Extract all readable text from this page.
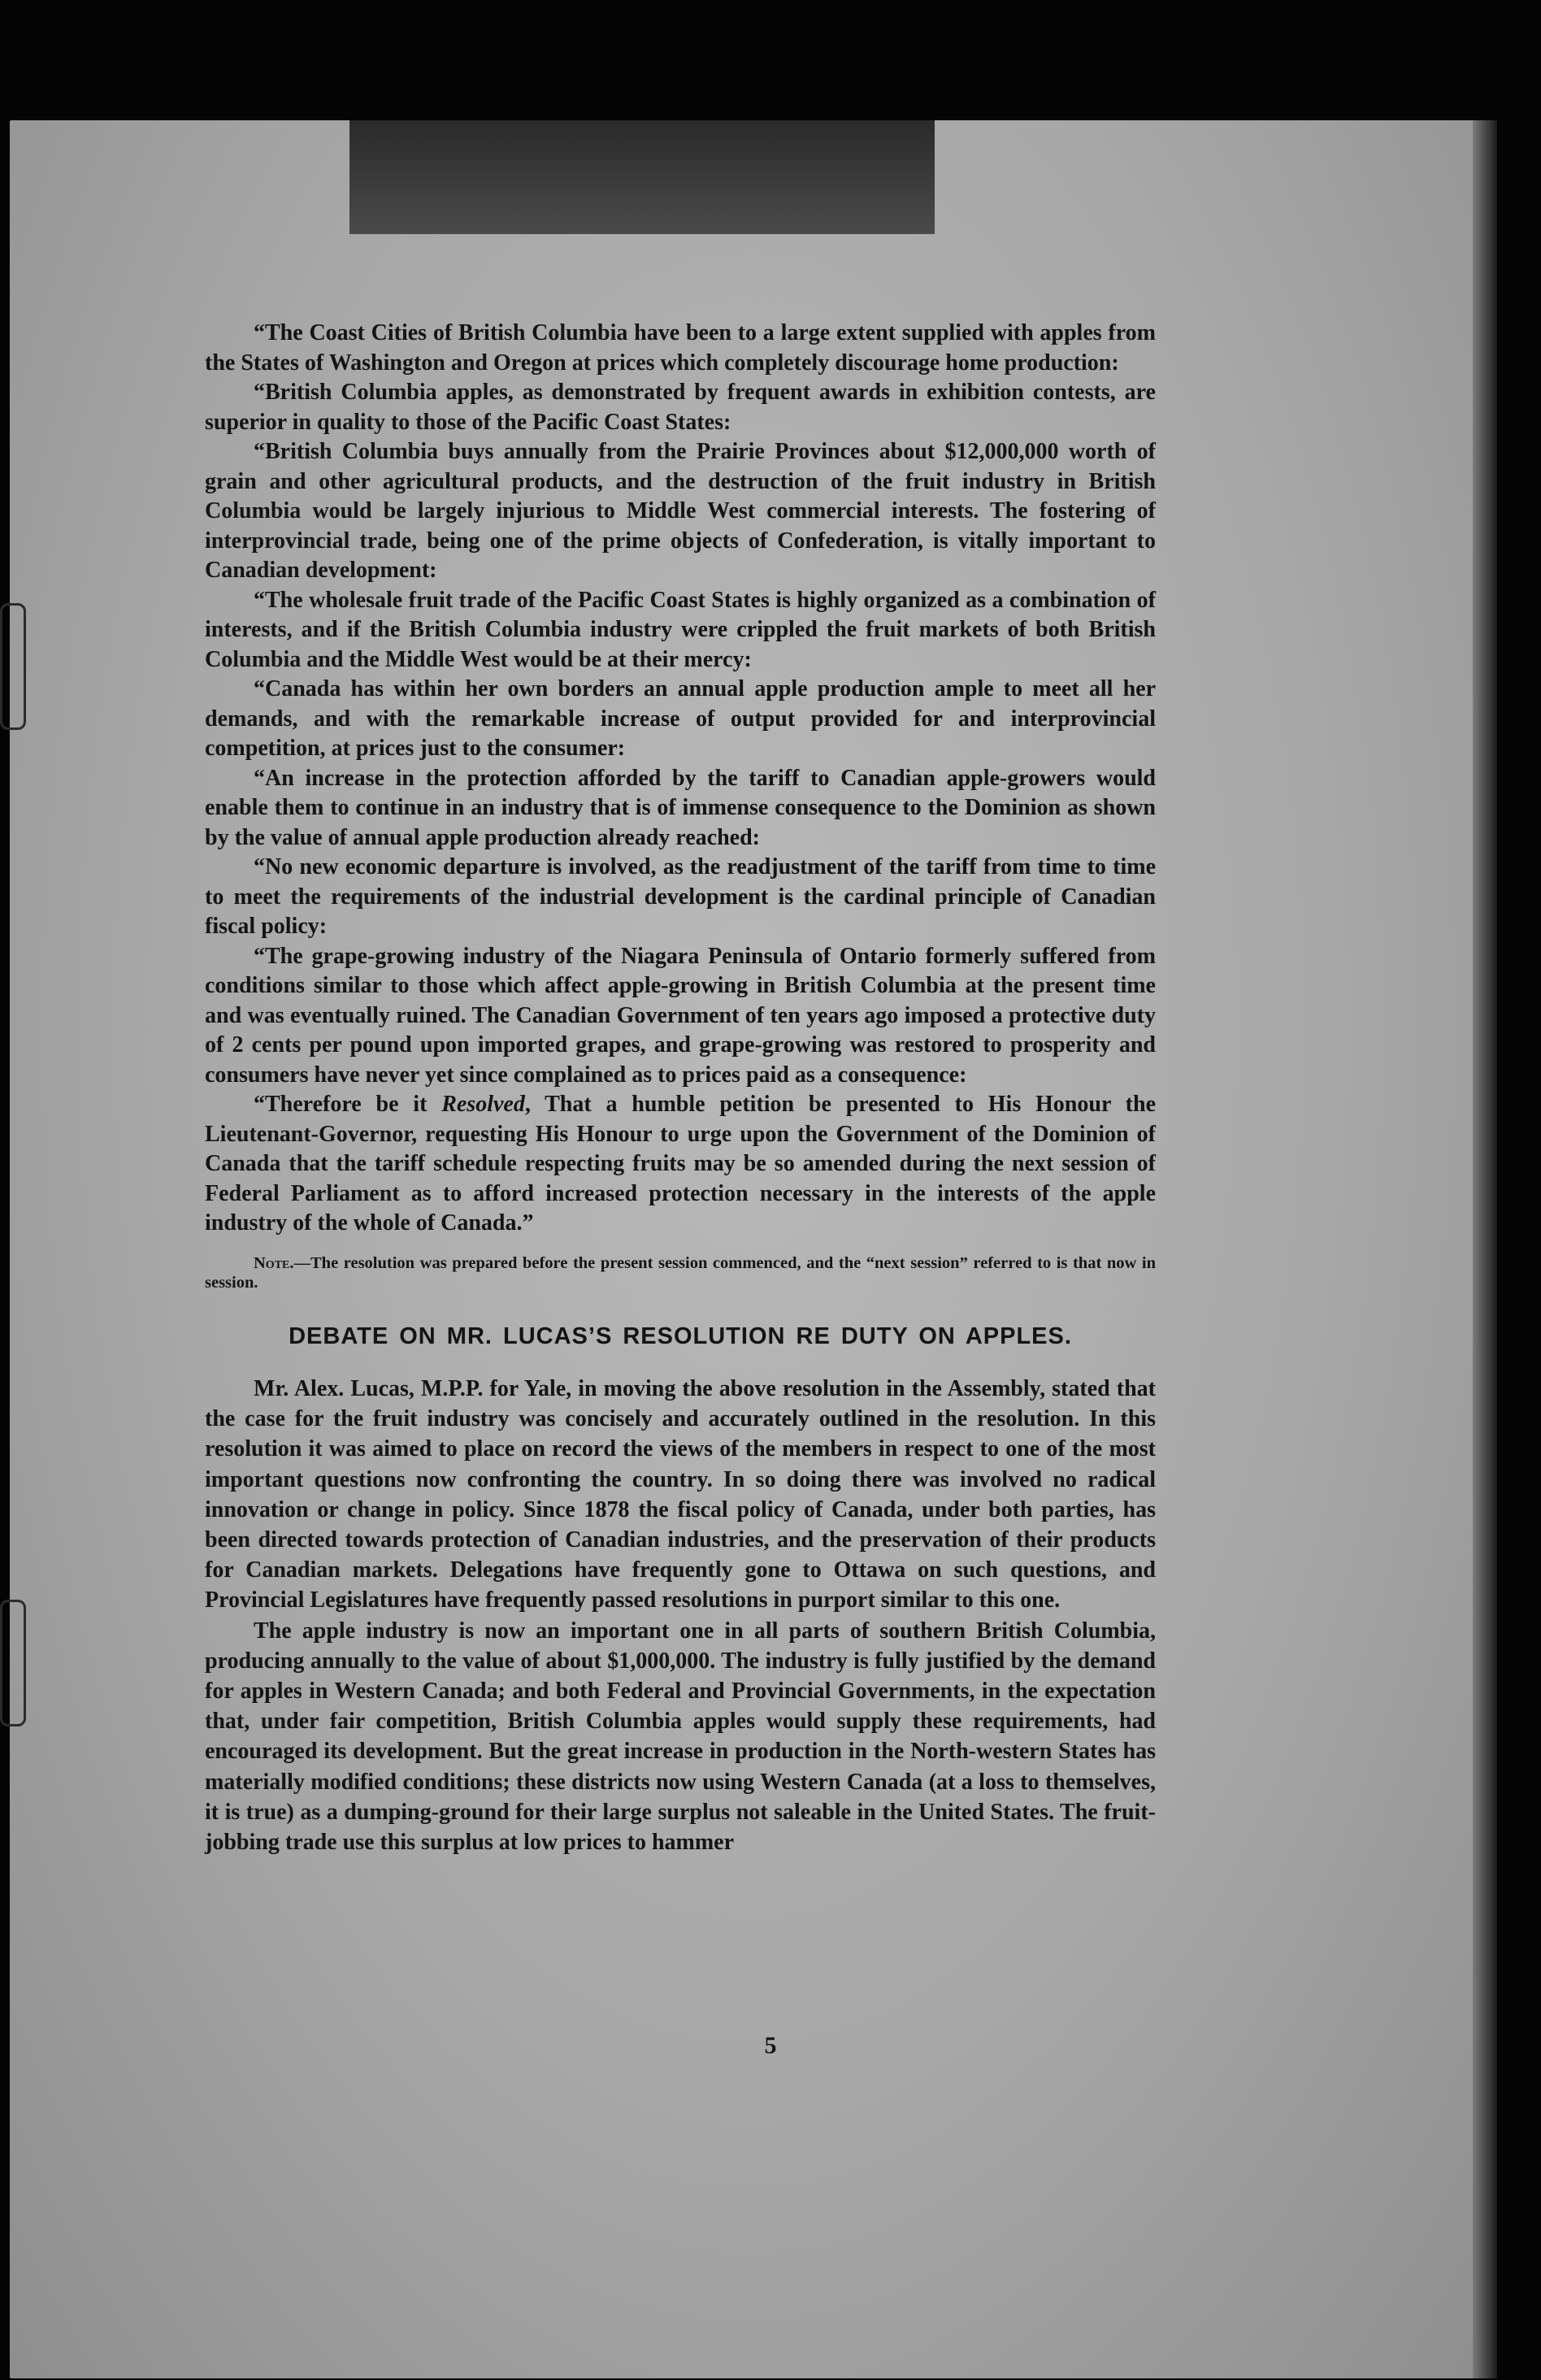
“The Coast Cities of British Columbia have been to a large extent supplied with apples from the States of Washington and Oregon at prices which completely discourage home production:

“British Columbia apples, as demonstrated by frequent awards in exhibition contests, are superior in quality to those of the Pacific Coast States:

“British Columbia buys annually from the Prairie Provinces about $12,000,000 worth of grain and other agricultural products, and the destruction of the fruit industry in British Columbia would be largely injurious to Middle West commercial interests. The fostering of interprovincial trade, being one of the prime objects of Confederation, is vitally important to Canadian development:

“The wholesale fruit trade of the Pacific Coast States is highly organized as a combination of interests, and if the British Columbia industry were crippled the fruit markets of both British Columbia and the Middle West would be at their mercy:

“Canada has within her own borders an annual apple production ample to meet all her demands, and with the remarkable increase of output provided for and interprovincial competition, at prices just to the consumer:

“An increase in the protection afforded by the tariff to Canadian apple-growers would enable them to continue in an industry that is of immense consequence to the Dominion as shown by the value of annual apple production already reached:

“No new economic departure is involved, as the readjustment of the tariff from time to time to meet the requirements of the industrial development is the cardinal principle of Canadian fiscal policy:

“The grape-growing industry of the Niagara Peninsula of Ontario formerly suffered from conditions similar to those which affect apple-growing in British Columbia at the present time and was eventually ruined. The Canadian Government of ten years ago imposed a protective duty of 2 cents per pound upon imported grapes, and grape-growing was restored to prosperity and consumers have never yet since complained as to prices paid as a consequence:

“Therefore be it Resolved, That a humble petition be presented to His Honour the Lieutenant-Governor, requesting His Honour to urge upon the Government of the Dominion of Canada that the tariff schedule respecting fruits may be so amended during the next session of Federal Parliament as to afford increased protection necessary in the interests of the apple industry of the whole of Canada.”

Note.—The resolution was prepared before the present session commenced, and the “next session” referred to is that now in session.

DEBATE ON MR. LUCAS’S RESOLUTION RE DUTY ON APPLES.

Mr. Alex. Lucas, M.P.P. for Yale, in moving the above resolution in the Assembly, stated that the case for the fruit industry was concisely and accurately outlined in the resolution. In this resolution it was aimed to place on record the views of the members in respect to one of the most important questions now confronting the country. In so doing there was involved no radical innovation or change in policy. Since 1878 the fiscal policy of Canada, under both parties, has been directed towards protection of Canadian industries, and the preservation of their products for Canadian markets. Delegations have frequently gone to Ottawa on such questions, and Provincial Legislatures have frequently passed resolutions in purport similar to this one.

The apple industry is now an important one in all parts of southern British Columbia, producing annually to the value of about $1,000,000. The industry is fully justified by the demand for apples in Western Canada; and both Federal and Provincial Governments, in the expectation that, under fair competition, British Columbia apples would supply these requirements, had encouraged its development. But the great increase in production in the North-western States has materially modified conditions; these districts now using Western Canada (at a loss to themselves, it is true) as a dumping-ground for their large surplus not saleable in the United States. The fruit-jobbing trade use this surplus at low prices to hammer

5
